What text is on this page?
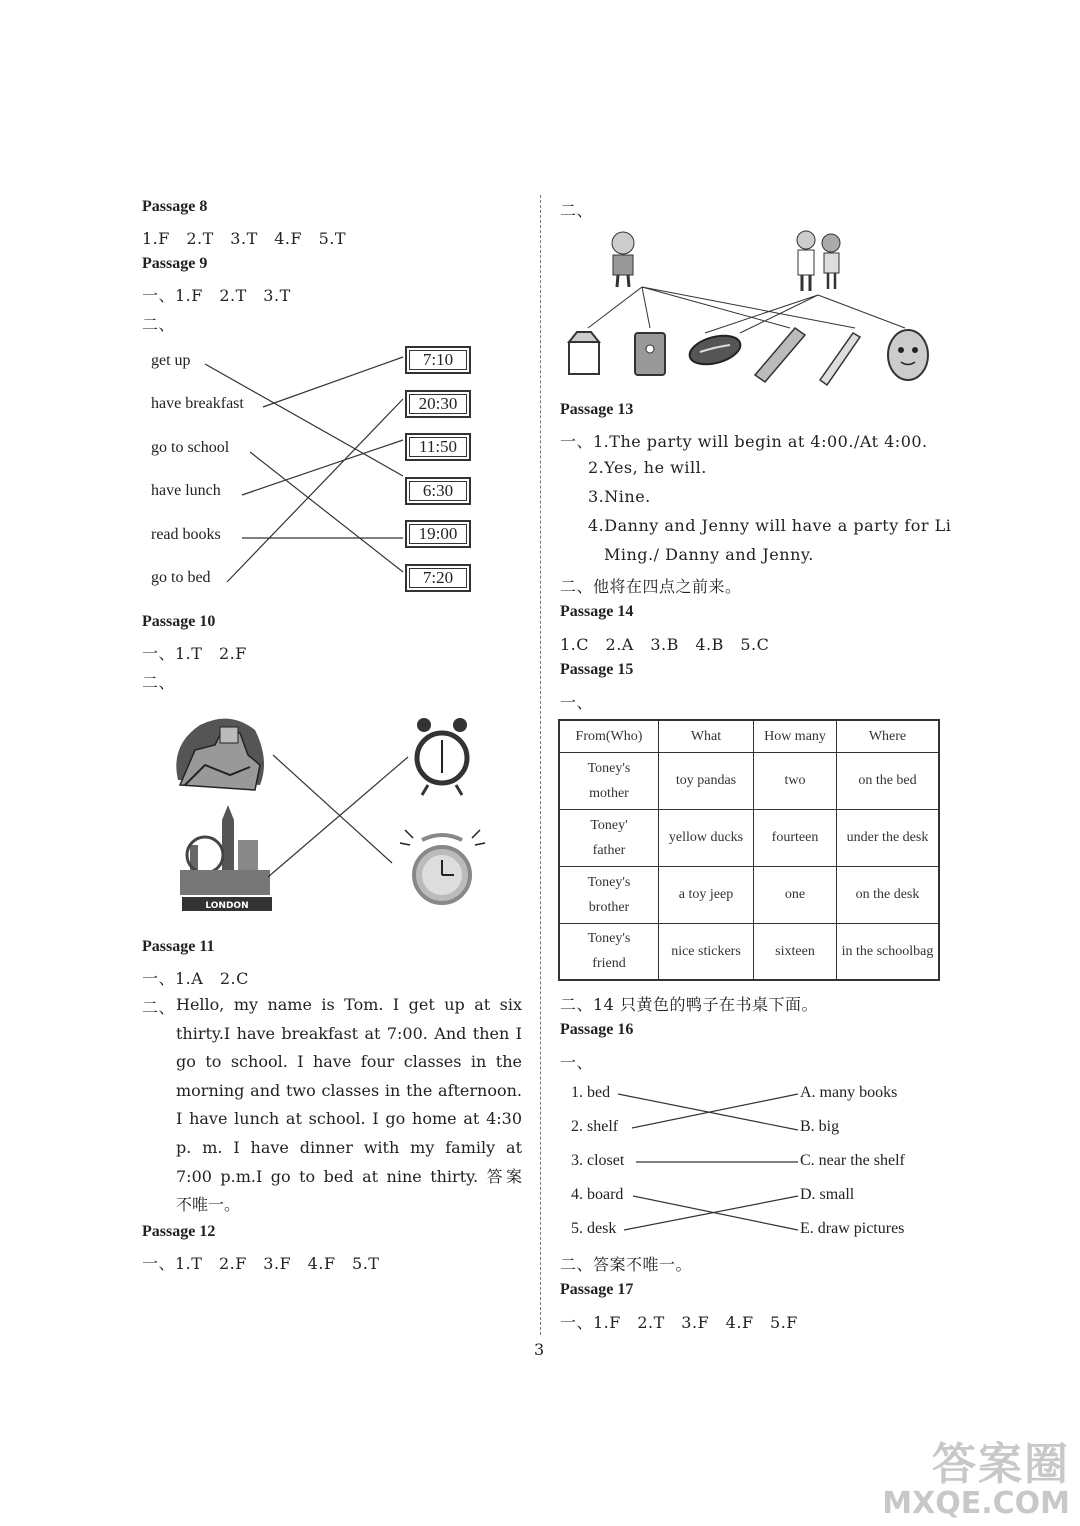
Passage 8
1.F　2.T　3.T　4.F　5.T
Passage 9
一、1.F　2.T　3.T
二、
get up
have breakfast
go to school
have lunch
read books
go to bed
7:10
20:30
11:50
6:30
19:00
7:20
Passage 10
一、1.T　2.F
二、
LONDON
Passage 11
一、1.A　2.C
二、 Hello, my name is Tom. I get up at six
thirty.I have breakfast at 7:00. And then I
go to school. I have four classes in the
morning and two classes in the afternoon.
I have lunch at school. I go home at 4:30
p. m. I have dinner with my family at
7:00 p.m.I go to bed at nine thirty. 答案
不唯一。
Passage 12
一、1.T　2.F　3.F　4.F　5.T
二、
Passage 13
一、1.The party will begin at 4:00./At 4:00.
2.Yes, he will.
3.Nine.
4.Danny and Jenny will have a party for Li
Ming./ Danny and Jenny.
二、他将在四点之前来。
Passage 14
1.C　2.A　3.B　4.B　5.C
Passage 15
一、
From(Who)	What	How many	Where

Toney's
mother	toy pandas	two	on the bed

Toney'
father	yellow ducks	fourteen	under the desk

Toney's
brother	a toy jeep	one	on the desk

Toney's
friend	nice stickers	sixteen	in the schoolbag
二、14 只黄色的鸭子在书桌下面。
Passage 16
一、
1. bed
2. shelf
3. closet
4. board
5. desk
A. many books
B. big
C. near the shelf
D. small
E. draw pictures
二、答案不唯一。
Passage 17
一、1.F　2.T　3.F　4.F　5.F
3
答案圈
MXQE.COM
